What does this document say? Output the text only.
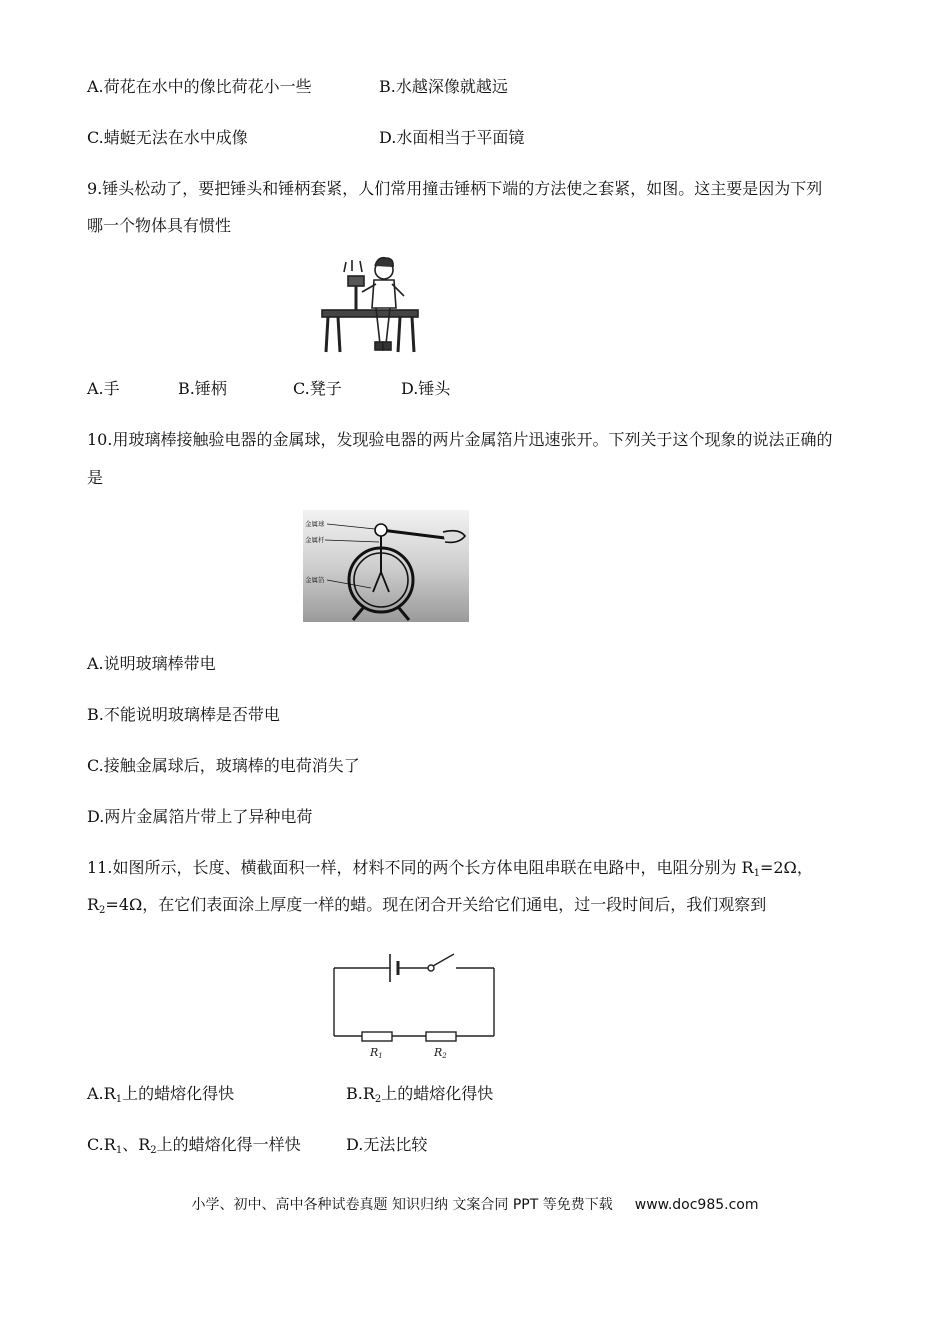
A.荷花在水中的像比荷花小一些	B.水越深像就越远
C.蜻蜓无法在水中成像	D.水面相当于平面镜
9.锤头松动了，要把锤头和锤柄套紧，人们常用撞击锤柄下端的方法使之套紧，如图。这主要是因为下列
哪一个物体具有惯性
A.手	B.锤柄	C.凳子	D.锤头
10.用玻璃棒接触验电器的金属球，发现验电器的两片金属箔片迅速张开。下列关于这个现象的说法正确的
是
金属球
金属杆
金属箔
A.说明玻璃棒带电
B.不能说明玻璃棒是否带电
C.接触金属球后，玻璃棒的电荷消失了
D.两片金属箔片带上了异种电荷
11.如图所示，长度、横截面积一样，材料不同的两个长方体电阻串联在电路中，电阻分别为 $R_1=2\Omega$，
$R_2=4\Omega$，在它们表面涂上厚度一样的蜡。现在闭合开关给它们通电，过一段时间后，我们观察到
R1	R2
$A.R_1$上的蜡熔化得快	$B.R_2$上的蜡熔化得快
$C.R_1$、$R_2$上的蜡熔化得一样快	D.无法比较
小学、初中、高中各种试卷真题 知识归纳 文案合同 PPT 等免费下载 www.doc985.com
